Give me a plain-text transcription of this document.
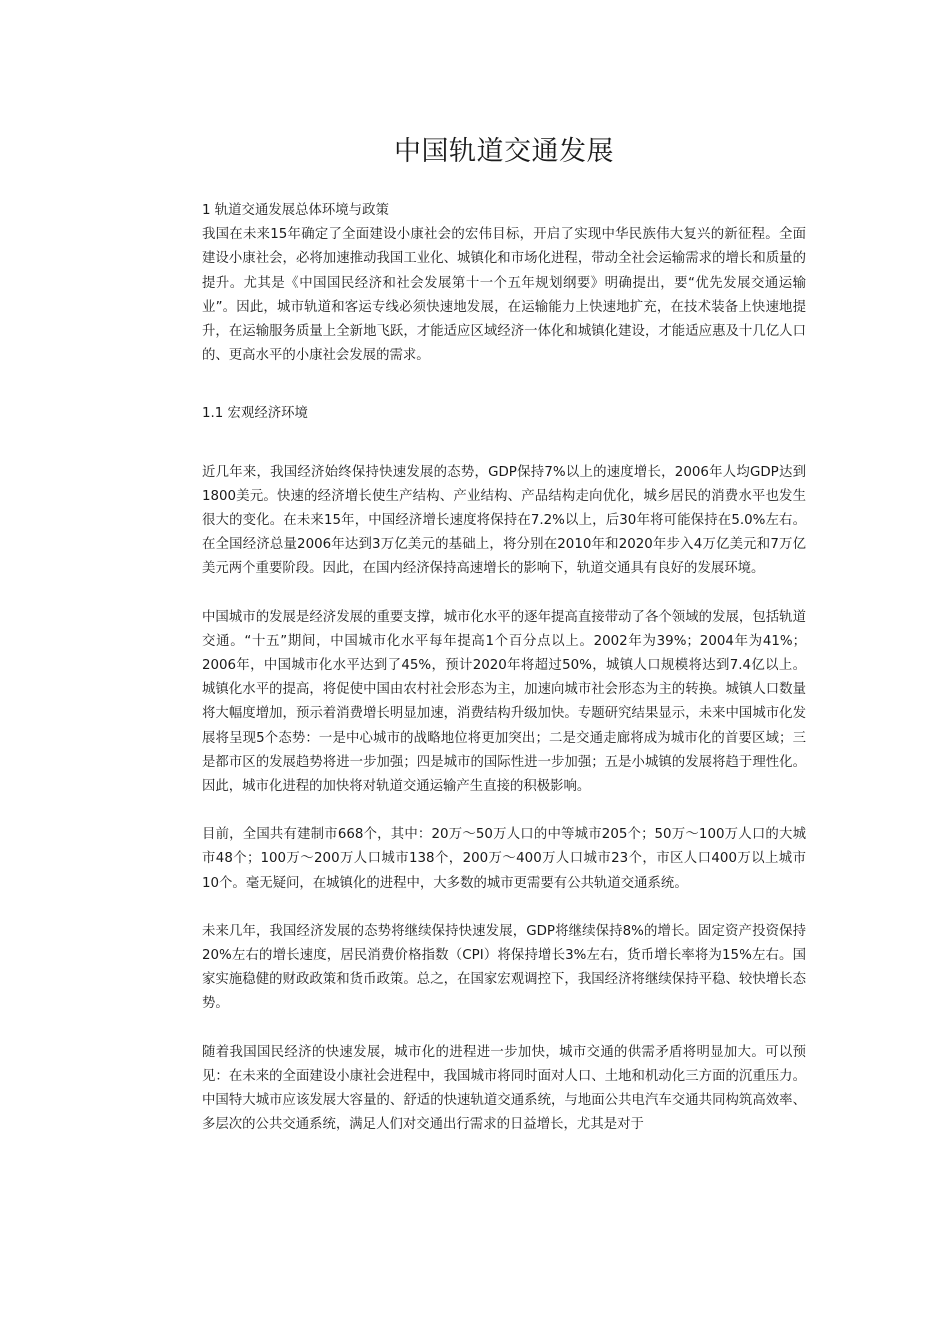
中国轨道交通发展

1 轨道交通发展总体环境与政策

我国在未来15年确定了全面建设小康社会的宏伟目标，开启了实现中华民族伟大复兴的新征程。全面建设小康社会，必将加速推动我国工业化、城镇化和市场化进程，带动全社会运输需求的增长和质量的提升。尤其是《中国国民经济和社会发展第十一个五年规划纲要》明确提出，要“优先发展交通运输业”。因此，城市轨道和客运专线必须快速地发展，在运输能力上快速地扩充，在技术装备上快速地提升，在运输服务质量上全新地飞跃，才能适应区域经济一体化和城镇化建设，才能适应惠及十几亿人口的、更高水平的小康社会发展的需求。

1.1 宏观经济环境

近几年来，我国经济始终保持快速发展的态势，GDP保持7%以上的速度增长，2006年人均GDP达到1800美元。快速的经济增长使生产结构、产业结构、产品结构走向优化，城乡居民的消费水平也发生很大的变化。在未来15年，中国经济增长速度将保持在7.2%以上，后30年将可能保持在5.0%左右。在全国经济总量2006年达到3万亿美元的基础上，将分别在2010年和2020年步入4万亿美元和7万亿美元两个重要阶段。因此，在国内经济保持高速增长的影响下，轨道交通具有良好的发展环境。

中国城市的发展是经济发展的重要支撑，城市化水平的逐年提高直接带动了各个领域的发展，包括轨道交通。“十五”期间，中国城市化水平每年提高1个百分点以上。2002年为39%；2004年为41%；2006年，中国城市化水平达到了45%，预计2020年将超过50%，城镇人口规模将达到7.4亿以上。城镇化水平的提高，将促使中国由农村社会形态为主，加速向城市社会形态为主的转换。城镇人口数量将大幅度增加，预示着消费增长明显加速，消费结构升级加快。专题研究结果显示，未来中国城市化发展将呈现5个态势：一是中心城市的战略地位将更加突出；二是交通走廊将成为城市化的首要区域；三是都市区的发展趋势将进一步加强；四是城市的国际性进一步加强；五是小城镇的发展将趋于理性化。因此，城市化进程的加快将对轨道交通运输产生直接的积极影响。

目前，全国共有建制市668个，其中：20万～50万人口的中等城市205个；50万～100万人口的大城市48个；100万～200万人口城市138个，200万～400万人口城市23个，市区人口400万以上城市10个。毫无疑问，在城镇化的进程中，大多数的城市更需要有公共轨道交通系统。

未来几年，我国经济发展的态势将继续保持快速发展，GDP将继续保持8%的增长。固定资产投资保持20%左右的增长速度，居民消费价格指数（CPI）将保持增长3%左右，货币增长率将为15%左右。国家实施稳健的财政政策和货币政策。总之，在国家宏观调控下，我国经济将继续保持平稳、较快增长态势。

随着我国国民经济的快速发展，城市化的进程进一步加快，城市交通的供需矛盾将明显加大。可以预见：在未来的全面建设小康社会进程中，我国城市将同时面对人口、土地和机动化三方面的沉重压力。中国特大城市应该发展大容量的、舒适的快速轨道交通系统，与地面公共电汽车交通共同构筑高效率、多层次的公共交通系统，满足人们对交通出行需求的日益增长，尤其是对于
